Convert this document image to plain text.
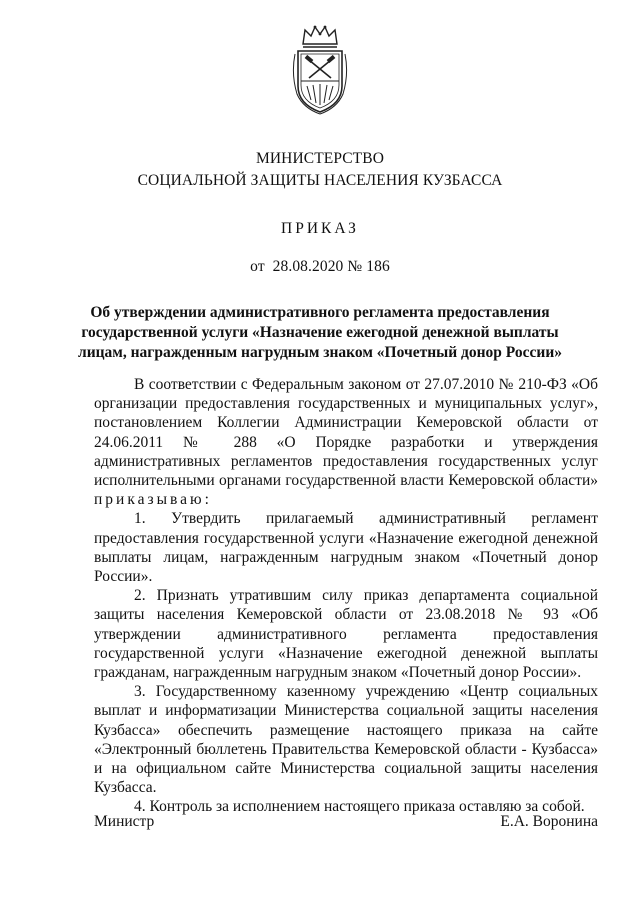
МИНИСТЕРСТВО
СОЦИАЛЬНОЙ ЗАЩИТЫ НАСЕЛЕНИЯ КУЗБАССА
ПРИКАЗ
от 28.08.2020 № 186
Об утверждении административного регламента предоставления государственной услуги «Назначение ежегодной денежной выплаты лицам, награжденным нагрудным знаком «Почетный донор России»

В соответствии с Федеральным законом от 27.07.2010 № 210-ФЗ «Об организации предоставления государственных и муниципальных услуг», постановлением Коллегии Администрации Кемеровской области от 24.06.2011 № 288 «О Порядке разработки и утверждения административных регламентов предоставления государственных услуг исполнительными органами государственной власти Кемеровской области» приказываю:

1. Утвердить прилагаемый административный регламент предоставления государственной услуги «Назначение ежегодной денежной выплаты лицам, награжденным нагрудным знаком «Почетный донор России».

2. Признать утратившим силу приказ департамента социальной защиты населения Кемеровской области от 23.08.2018 № 93 «Об утверждении административного регламента предоставления государственной услуги «Назначение ежегодной денежной выплаты гражданам, награжденным нагрудным знаком «Почетный донор России».

3. Государственному казенному учреждению «Центр социальных выплат и информатизации Министерства социальной защиты населения Кузбасса» обеспечить размещение настоящего приказа на сайте «Электронный бюллетень Правительства Кемеровской области - Кузбасса» и на официальном сайте Министерства социальной защиты населения Кузбасса.

4. Контроль за исполнением настоящего приказа оставляю за собой.

Министр	Е.А. Воронина
